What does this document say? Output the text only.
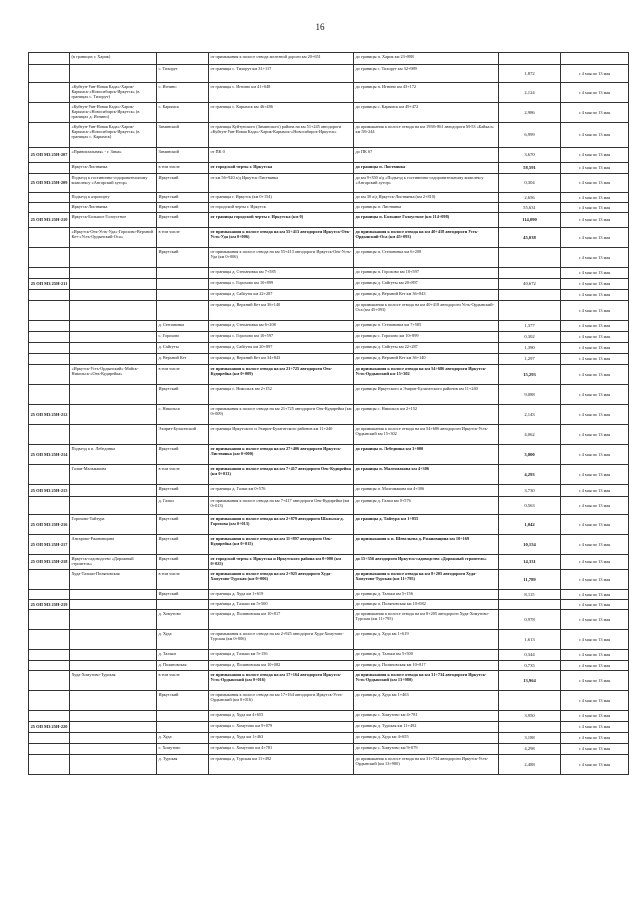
16
	(в границах г. Харик)		от примыкания к полосе отвода железной дороги км 20+651	до границы п. Харик км 23+888		
		с. Тихорут	от границы с. Тихорут км 31+117	до границы с. Тихорут км 32+989	1,872	с 4 мая по 13 мая
	«Куйтун-Уян-Новая Када»-Харик-Карымск-«Новосибирск-Иркутск» (в границах с. Тихорут)	с. Игнино	от границы с. Игнино км 41+048	до границы п. Игнино км 43+172	2,124	с 4 мая по 13 мая
	«Куйтун-Уян-Новая Када»-Харик-Карымск-«Новосибирск-Иркутск» (в границах д. Игнино)	с. Карымск	от границы с. Карымск км 46+486	до границы с. Карымск км 49+472	2,986	с 4 мая по 13 мая
	«Куйтун-Уян-Новая Када»-Харик-Карымск-«Новосибирск-Иркутск» (в границах с. Карымск)	Зиминский	от границы Куйтунского (Зиминского) района на км 51+245 автодороги «Куйтун-Уян-Новая Када»-Харик-Карымск-«Новосибирск-Иркутск»	до примыкания к полосе отвода на км 1958+861 автодороги М-53 «Байкал» км 58+244	6,999	с 4 мая по 13 мая
25 ОП МЗ 25Н-207	«Привокзальная» - г. Зима»	Зиминский	от ПК 0	до ПК 67	3,670	с 4 мая по 13 мая
	Иркутск-Листвянка	в том числе	от городской черты г. Иркутска	до границы п. Листвянка	58,591	с 4 мая по 13 мая
25 ОП МЗ 25Н-209	Подъезд к гостинично-оздоровительному комплексу «Ангарский хутор»	Иркутский	от км 56+920 а/д Иркутск-Листвянка	до км 9+350 а/д «Подъезд к гостинично-оздоровительному комплексу «Ангарский хутор»	0,304	с 4 мая по 13 мая
	Подъезд к аэропорту	Иркутский	от границы г. Иркутск (км 0+154)	до км 30 а/д Иркутск-Листвянка (км 2+810)	2,656	с 4 мая по 13 мая
	Иркутск-Листвянка	Иркутский	от городской черты г. Иркутск	до границы п. Листвянка	55,631	с 4 мая по 13 мая
25 ОП МЗ 25Н-210	Иркутск-Большое Голоустное	Иркутский	от границы городской черты г. Иркутска (км 0)	до границы п. Большое Голоустное (км 114+098)	114,090	с 4 мая по 13 мая
	«Иркутск-Оек-Усть-Уда»-Горохово-Верхний Кет-«Усть-Ордынский-Оса»	в том числе	от примыкания к полосе отвода на км 55+413 автодороги Иркутск-Оек-Усть-Уда (км 0+006)	до примыкания к полосе отвода на км 40+418 автодороги Усть-Ордынский-Оса (км 45+093)	45,038	с 4 мая по 13 мая
		Иркутский	от примыкания к полосе отвода на км 55+413 автодороги Иркутск-Оек-Усть-Уда (км 0+006)	до границы п. Степановка км 6+208		с 4 мая по 13 мая
			от границы д. Степановка км 7+585	до границы п. Горохово км 10+597		с 4 мая по 13 мая
25 ОП МЗ 25Н-211			от границы с. Горохово км 10+899	до границы д. Сайгуты км 20+897	40,672	с 4 мая по 13 мая
			от границы д. Сайгуты км 22+287	до границы д. Верхний Кет км 36+843		с 4 мая по 13 мая
			от границы д. Верхний Кет км 36+140	до примыкания к полосе отвода на км 40+418 автодороги Усть-Ордынский-Оса (км 45+093)		с 4 мая по 13 мая
		д. Степановка	от границы д. Степановка км 6+208	до границы п. Степановка км 7+585	1,377	с 4 мая по 13 мая
		с. Горохово	от границы с. Горохово км 10+597	до границы с. Горохово км 10+899	0,302	с 4 мая по 13 мая
		д. Сайгуты	от границы д. Сайгуты км 20+897	до границы д. Сайгуты км 22+287	1,390	с 4 мая по 13 мая
		д. Верхний Кет	от границы д. Верхний Кет км 34+843	до границы д. Верхний Кет км 36+140	1,297	с 4 мая по 13 мая
	«Иркутск-Усть-Ордынский»-Майск-Никольск-«Оек-Кудирейка»	в том числе	от примыкания к полосе отвода на км 21+725 автодороги Оек-Кудирейка (км 0+009)	до примыкания к полосе отвода на км 54+686 автодороги Иркутск-Усть-Ордынский км 15+302	15,293	с 4 мая по 13 мая
		Иркутский	от границы с. Никольск км 2+152	до границы Иркутского и Эхирит-Булагатского районов км 11+240	9,088	с 4 мая по 13 мая
25 ОП МЗ 25Н-212		с. Никольск	от примыкания к полосе отвода на км 21+725 автодороги Оек-Кудирейка (км 0+009)	до границы с. Никольск км 2+152	2,143	с 4 мая по 13 мая
		Эхирит-Булагатский	от границы Иркутского и Эхирит-Булагатского районов км 11+240	до примыкания к полосе отвода на км 54+686 автодороги Иркутск-Усть-Ордынский км 15+302	4,062	с 4 мая по 13 мая
25 ОП МЗ 25Н-214	Подъезд к п. Лебединка	Иркутский	от примыкания к полосе отвода на км 27+406 автодороги Иркутск-Листвянка (км 0+000)	до границы п. Лебединка км 3+000	3,000	с 4 мая по 13 мая
	Галки-Мальмакова	в том числе	от примыкания к полосе отвода на км 7+417 автодороги Оек-Кудирейка (км 0+013)	до границы п. Малгомакова км 4+306	4,293	с 4 мая по 13 мая
25 ОП МЗ 25Н-215		Иркутский	от границы д. Галки км 0+576	до границы п. Малгомакова км 4+306	3,730	с 4 мая по 13 мая
		д. Галки	от примыкания к полосе отвода на км 7+417 автодороги Оек-Кудирейка (км 0+013)	до границы д. Галки км 0+576	0,563	с 4 мая по 13 мая
25 ОП МЗ 25Н-216	Горохово-Тайтура	Иркутский	от примыкания к полосе отвода на км 2+879 автодороги Шальска-д. Горохова (км 0+013)	до границы д. Тайтура км 1+055	1,042	с 4 мая по 13 мая
25 ОП МЗ 25Н-217	Ангарово-Ржановщина	Иркутский	от примыкания к полосе отвода на км 11+897 автодороги Оек-Кудирейка (км 0+015)	до примыкания к п. Шевельева д. Ржановщина км 10+169	10,154	с 4 мая по 13 мая
25 ОП МЗ 25Н-218	Иркутск-садоводство «Дорожный строитель»	Иркутский	от городской черты г. Иркутска и Иркутского района км 0+000 (км 0+025)	до 15+356 автодороги Иркутск-садоводство «Дорожный строитель»	14,331	с 4 мая по 13 мая
	Худа-Тальки-Поляновская	в том числе	от примыкания к полосе отвода на км 2+925 автодороги Худа-Хомутово-Турская (км 0+006)	до примыкания к полосе отвода на км 8+205 автодороги Худа-Хомутово-Турская (км 11+795)	11,789	с 4 мая по 13 мая
		Иркутский	от границы д. Худа км 1+619	до границы д. Тальки км 5+156	8,115	с 4 мая по 13 мая
25 ОП МЗ 25Н-219			от границы д. Тальки км 5+500	до границы п. Поляновская км 10+082		с 4 мая по 13 мая
		д. Хомутово	от границы д. Поляновская км 10+817	до примыкания к полосе отвода на км 8+205 автодороги Худа-Хомутово-Турская (км 11+795)	0,978	с 4 мая по 13 мая
		д. Худа	от примыкания к полосе отвода на км 2+925 автодороги Худа-Хомутово-Турская (км 0+006)	до границы д. Худа км 1+619	1,613	с 4 мая по 13 мая
		д. Тальки	от границы д. Тальки км 5+156	до границы д. Тальки км 5+500	0,344	с 4 мая по 13 мая
		д. Поляновская	от границы д. Поляновская км 10+082	до границы д. Поляновская км 10+817	0,735	с 4 мая по 13 мая
	Худа-Хомутово-Турская	в том числе	от примыкания к полосе отвода на км 17+164 автодороги Иркутск-Усть-Ордынский (км 0+016)	до примыкания к полосе отвода на км 31+734 автодороги Иркутск-Усть-Ордынский (км 13+980)	13,964	с 4 мая по 13 мая
		Иркутский	от примыкания к полосе отвода на км 17+164 автодороги Иркутск-Усть-Ордынский (км 0+016)	до границы д. Худа км 1+463		с 4 мая по 13 мая
			от границы д. Худа км 4+655	до границы с. Хомутово км 4+781	3,950	с 4 мая по 13 мая
25 ОП МЗ 25Н-220			от границы с. Хомутово км 9+079	до границы д. Турская км 11+492		с 4 мая по 13 мая
		д. Худа	от границы д. Худа км 1+463	до границы д. Худа км 4+655	3,188	с 4 мая по 13 мая
		с. Хомутово	от границы с. Хомутово км 4+781	до границы с. Хомутово км 9+079	4,298	с 4 мая по 13 мая
		д. Турская	от границы д. Турская км 11+492	до примыкания к полосе отвода на км 31+734 автодороги Иркутск-Усть-Ордынский (км 13+980)	2,488	с 4 мая по 13 мая
